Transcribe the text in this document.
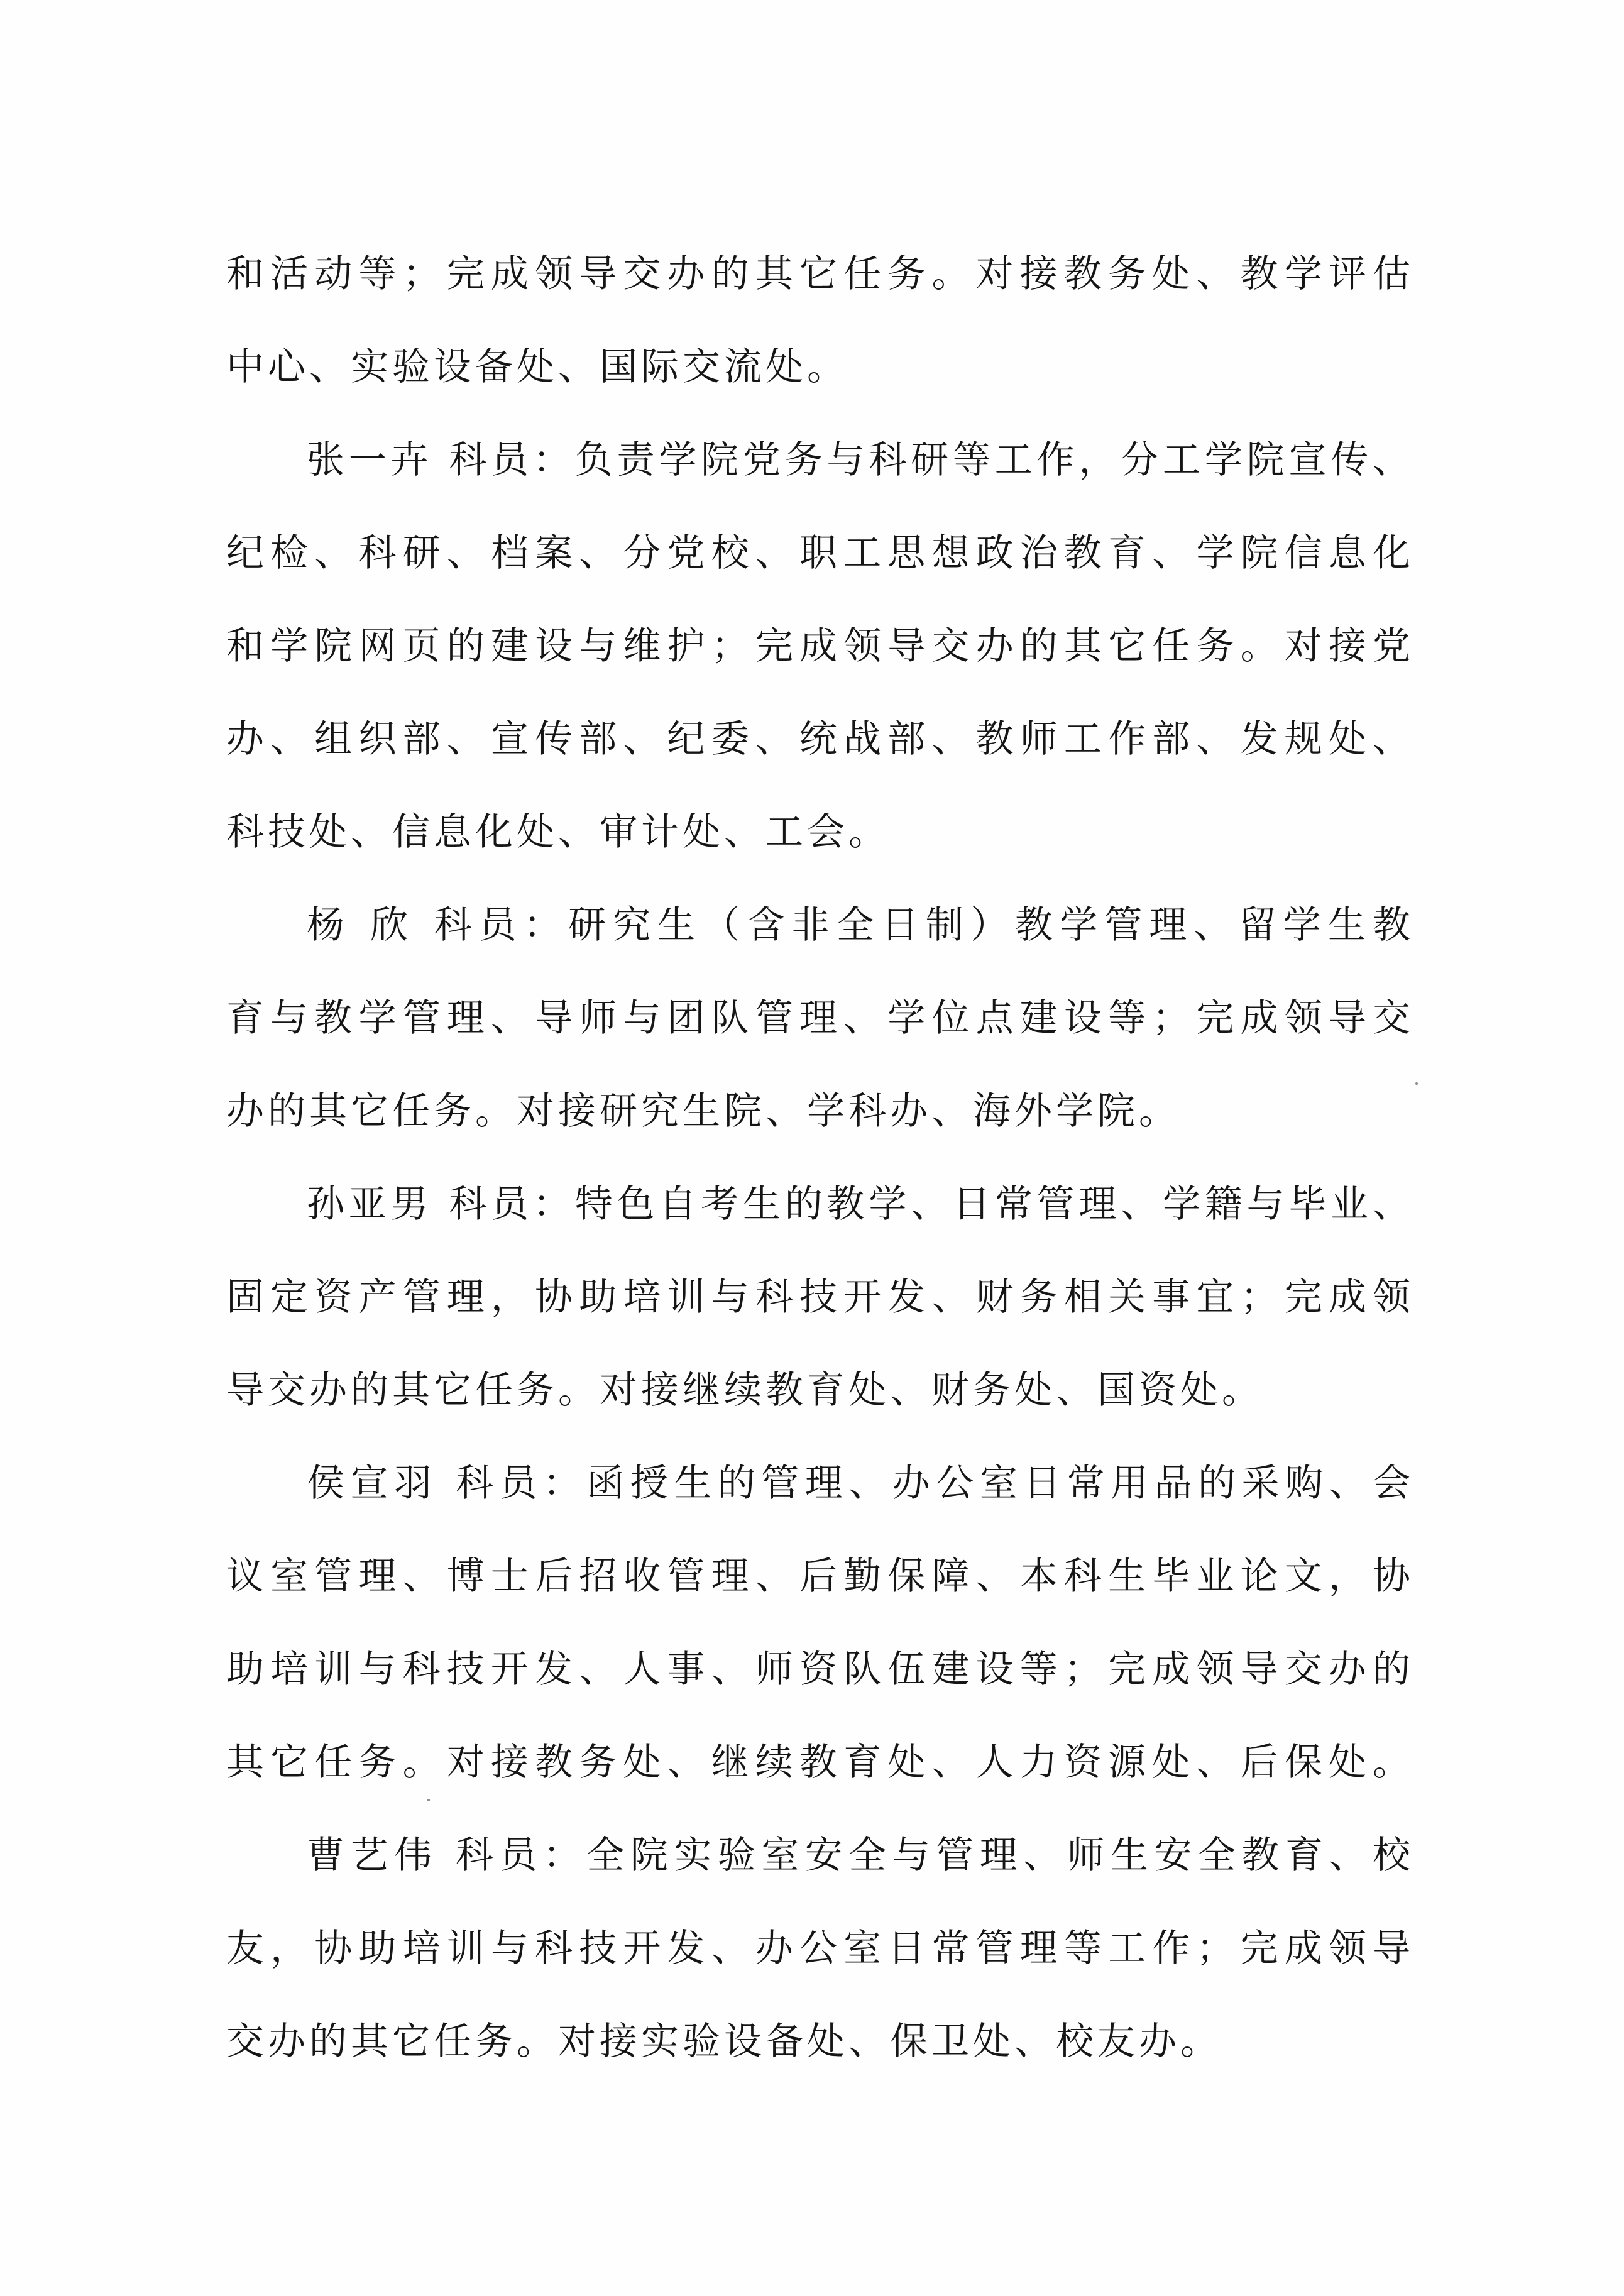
和活动等；完成领导交办的其它任务。对接教务处、教学评估
中心、实验设备处、国际交流处。
张一卉 科员：负责学院党务与科研等工作，分工学院宣传、
纪检、科研、档案、分党校、职工思想政治教育、学院信息化
和学院网页的建设与维护；完成领导交办的其它任务。对接党
办、组织部、宣传部、纪委、统战部、教师工作部、发规处、
科技处、信息化处、审计处、工会。
杨 欣 科员：研究生（含非全日制）教学管理、留学生教
育与教学管理、导师与团队管理、学位点建设等；完成领导交
办的其它任务。对接研究生院、学科办、海外学院。
孙亚男 科员：特色自考生的教学、日常管理、学籍与毕业、
固定资产管理，协助培训与科技开发、财务相关事宜；完成领
导交办的其它任务。对接继续教育处、财务处、国资处。
侯宣羽 科员：函授生的管理、办公室日常用品的采购、会
议室管理、博士后招收管理、后勤保障、本科生毕业论文，协
助培训与科技开发、人事、师资队伍建设等；完成领导交办的
其它任务。对接教务处、继续教育处、人力资源处、后保处。
曹艺伟 科员：全院实验室安全与管理、师生安全教育、校
友，协助培训与科技开发、办公室日常管理等工作；完成领导
交办的其它任务。对接实验设备处、保卫处、校友办。
